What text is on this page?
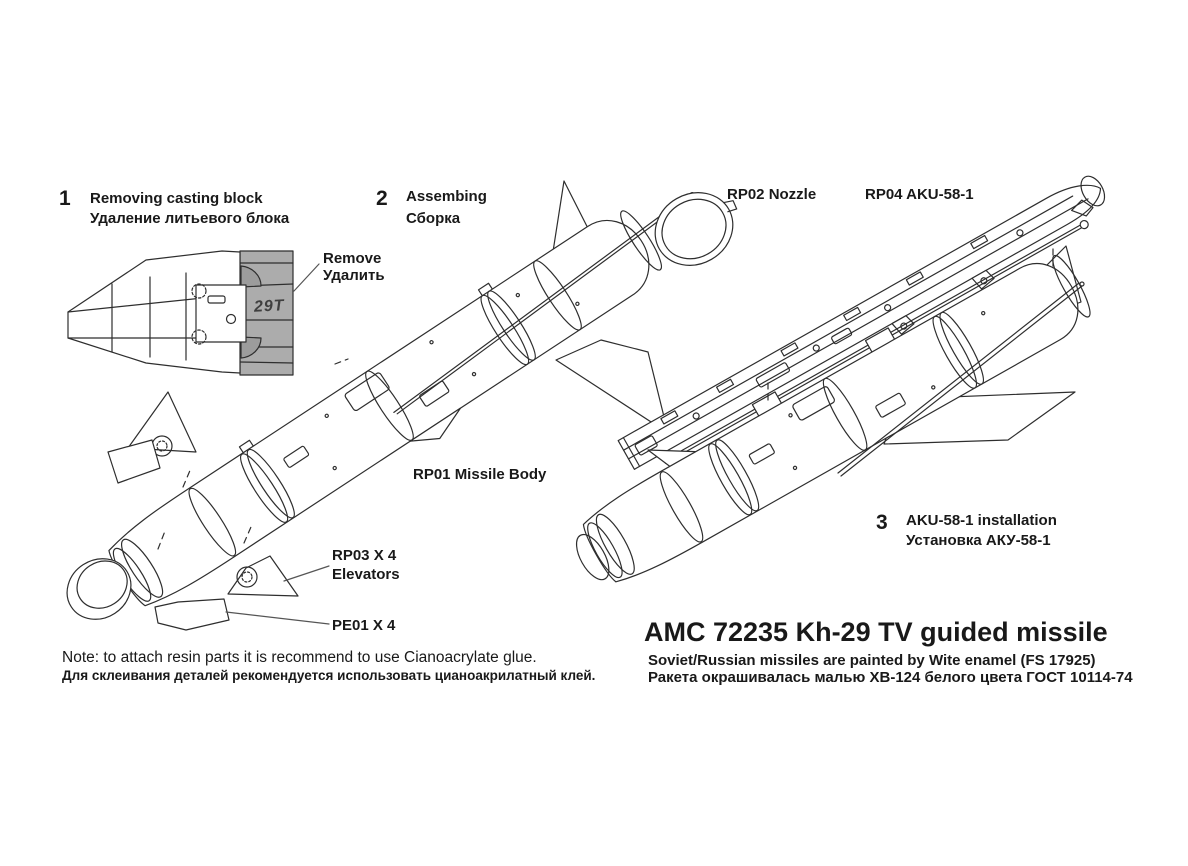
1 Removing casting block
Удаление литьевого блока
2 Assembing
Сборка
3 AKU-58-1 installation
Установка АКУ-58-1
Remove
Удалить
RP02 Nozzle	RP04 AKU-58-1
RP01 Missile Body
RP03 X 4
Elevators
PE01 X 4
29T
AMC 72235 Kh-29 TV guided missile
Soviet/Russian missiles are painted by Wite enamel (FS 17925)
Ракета окрашивалась малью ХВ-124 белого цвета ГОСТ 10114-74
Note: to attach resin parts it is recommend to use Cianoacrylate glue.
Для склеивания деталей рекомендуется использовать цианоакрилатный клей.
